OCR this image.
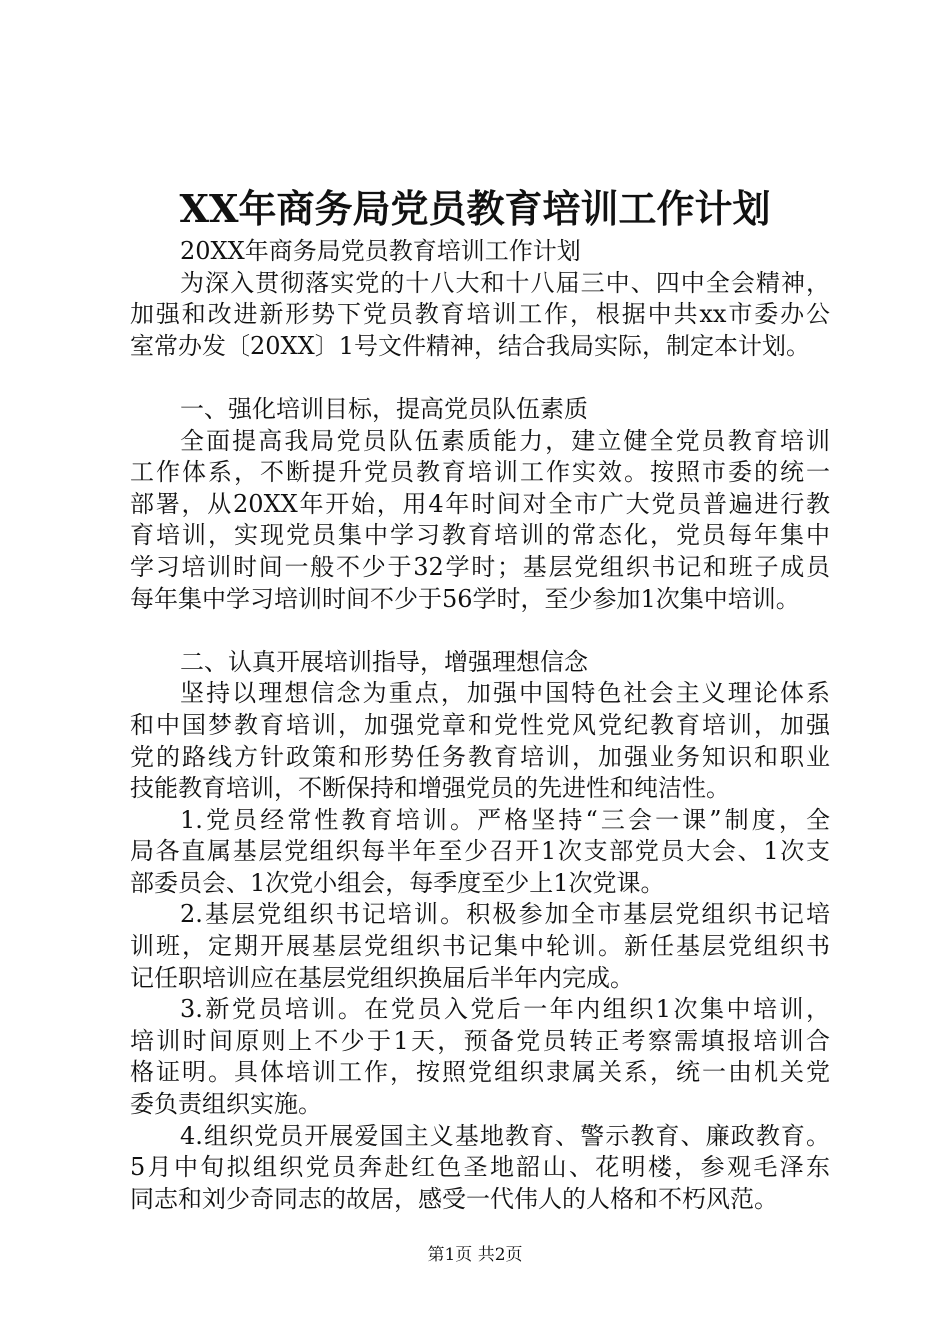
XX年商务局党员教育培训工作计划
20XX年商务局党员教育培训工作计划
为深入贯彻落实党的十八大和十八届三中、四中全会精神，
加强和改进新形势下党员教育培训工作，根据中共xx市委办公
室常办发〔20XX〕1号文件精神，结合我局实际，制定本计划。
一、强化培训目标，提高党员队伍素质
全面提高我局党员队伍素质能力，建立健全党员教育培训
工作体系，不断提升党员教育培训工作实效。按照市委的统一
部署，从20XX年开始，用4年时间对全市广大党员普遍进行教
育培训，实现党员集中学习教育培训的常态化，党员每年集中
学习培训时间一般不少于32学时；基层党组织书记和班子成员
每年集中学习培训时间不少于56学时，至少参加1次集中培训。
二、认真开展培训指导，增强理想信念
坚持以理想信念为重点，加强中国特色社会主义理论体系
和中国梦教育培训，加强党章和党性党风党纪教育培训，加强
党的路线方针政策和形势任务教育培训，加强业务知识和职业
技能教育培训，不断保持和增强党员的先进性和纯洁性。
1.党员经常性教育培训。严格坚持“三会一课”制度，全
局各直属基层党组织每半年至少召开1次支部党员大会、1次支
部委员会、1次党小组会，每季度至少上1次党课。
2.基层党组织书记培训。积极参加全市基层党组织书记培
训班，定期开展基层党组织书记集中轮训。新任基层党组织书
记任职培训应在基层党组织换届后半年内完成。
3.新党员培训。在党员入党后一年内组织1次集中培训，
培训时间原则上不少于1天，预备党员转正考察需填报培训合
格证明。具体培训工作，按照党组织隶属关系，统一由机关党
委负责组织实施。
4.组织党员开展爱国主义基地教育、警示教育、廉政教育。
5月中旬拟组织党员奔赴红色圣地韶山、花明楼，参观毛泽东
同志和刘少奇同志的故居，感受一代伟人的人格和不朽风范。
第1页 共2页
